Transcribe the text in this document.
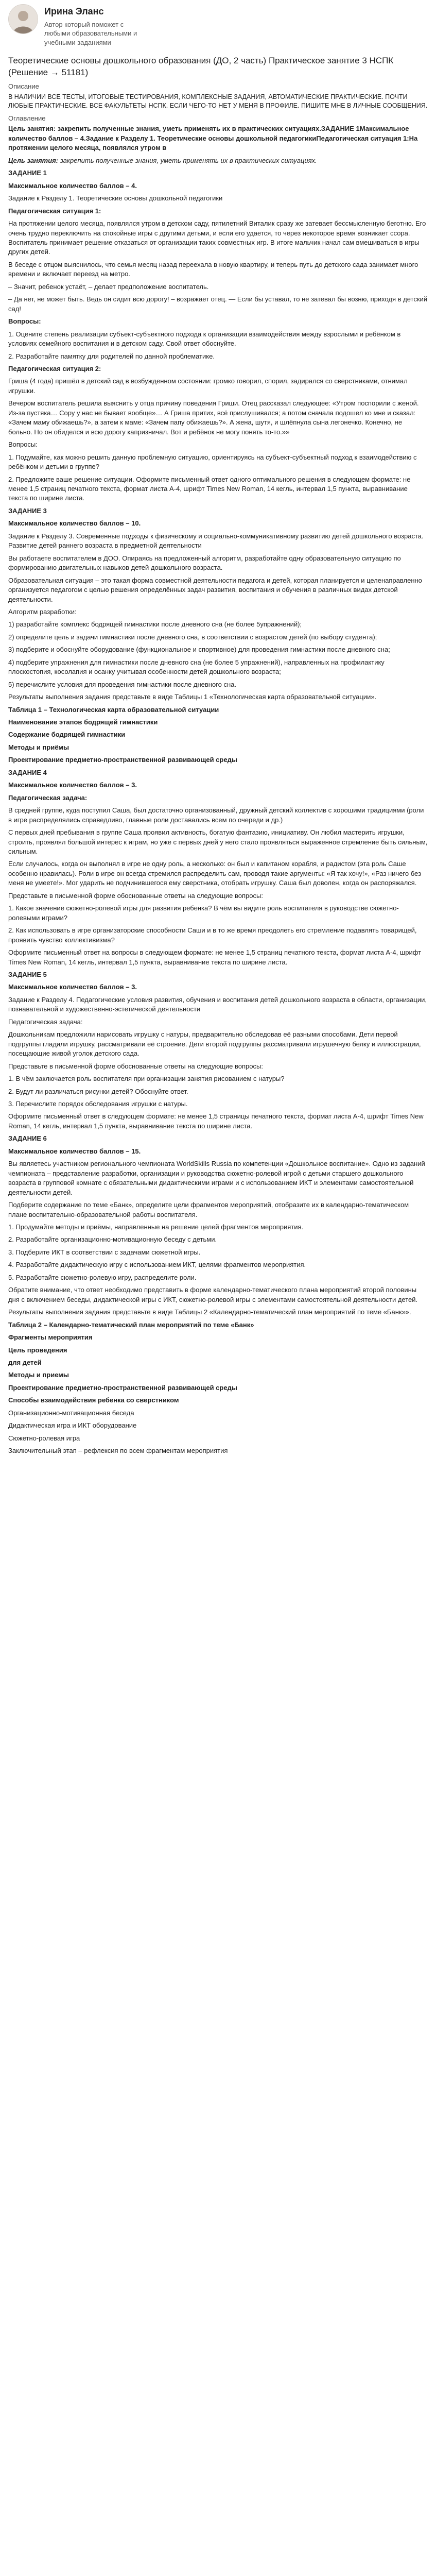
Ирина Эланс
Автор который поможет с любыми образовательными и учебными заданиями
Теоретические основы дошкольного образования (ДО, 2 часть) Практическое занятие 3 НСПК (Решение → 51181)
Описание

В НАЛИЧИИ ВСЕ ТЕСТЫ, ИТОГОВЫЕ ТЕСТИРОВАНИЯ, КОМПЛЕКСНЫЕ ЗАДАНИЯ, АВТОМАТИЧЕСКИЕ ПРАКТИЧЕСКИЕ. ПОЧТИ ЛЮБЫЕ ПРАКТИЧЕСКИЕ. ВСЕ ФАКУЛЬТЕТЫ НСПК. ЕСЛИ ЧЕГО-ТО НЕТ У МЕНЯ В ПРОФИЛЕ. ПИШИТЕ МНЕ В ЛИЧНЫЕ СООБЩЕНИЯ.

Оглавление

Цель занятия: закрепить полученные знания, уметь применять их в практических ситуациях.ЗАДАНИЕ 1Максимальное количество баллов – 4.Задание к Разделу 1. Теоретические основы дошкольной педагогикиПедагогическая ситуация 1:На протяжении целого месяца, появлялся утром в

Цель занятия: закрепить полученные знания, уметь применять их в практических ситуациях.

ЗАДАНИЕ 1

Максимальное количество баллов – 4.

Задание к Разделу 1. Теоретические основы дошкольной педагогики

Педагогическая ситуация 1:

На протяжении целого месяца, появлялся утром в детском саду, пятилетний Виталик сразу же затевает бессмысленную беготню. Его очень трудно переключить на спокойные игры с другими детьми, и если его удается, то через некоторое время возникает ссора. Воспитатель принимает решение отказаться от организации таких совместных игр. В итоге мальчик начал сам вмешиваться в игры других детей.

В беседе с отцом выяснилось, что семья месяц назад переехала в новую квартиру, и теперь путь до детского сада занимает много времени и включает переезд на метро.

– Значит, ребенок устаёт, – делает предположение воспитатель.

– Да нет, не может быть. Ведь он сидит всю дорогу! – возражает отец. — Если бы уставал, то не затевал бы возню, приходя в детский сад!

Вопросы:

1. Оцените степень реализации субъект-субъектного подхода к организации взаимодействия между взрослыми и ребёнком в условиях семейного воспитания и в детском саду. Свой ответ обоснуйте.

2. Разработайте памятку для родителей по данной проблематике.

Педагогическая ситуация 2:

Гриша (4 года) пришёл в детский сад в возбужденном состоянии: громко говорил, спорил, задирался со сверстниками, отнимал игрушки.

Вечером воспитатель решила выяснить у отца причину поведения Гриши. Отец рассказал следующее: «Утром поспорили с женой. Из-за пустяка… Сору у нас не бывает вообще»… А Гриша притих, всё прислушивался; а потом сначала подошел ко мне и сказал: «Зачем маму обижаешь?», а затем к маме: «Зачем папу обижаешь?». А жена, шутя, и шлёпнула сына легонечко. Конечно, не больно. Но он обиделся и всю дорогу капризничал. Вот и ребёнок не могу понять то-то.»»

Вопросы:

1. Подумайте, как можно решить данную проблемную ситуацию, ориентируясь на субъект-субъектный подход к взаимодействию с ребёнком и детьми в группе?

2. Предложите ваше решение ситуации. Оформите письменный ответ одного оптимального решения в следующем формате: не менее 1,5 страниц печатного текста, формат листа А-4, шрифт Times New Roman, 14 кегль, интервал 1,5 пункта, выравнивание текста по ширине листа.

ЗАДАНИЕ 3

Максимальное количество баллов – 10.

Задание к Разделу 3. Современные подходы к физическому и социально-коммуникативному развитию детей дошкольного возраста. Развитие детей раннего возраста в предметной деятельности

Вы работаете воспитателем в ДОО. Опираясь на предложенный алгоритм, разработайте одну образовательную ситуацию по формированию двигательных навыков детей дошкольного возраста.

Образовательная ситуация – это такая форма совместной деятельности педагога и детей, которая планируется и целенаправленно организуется педагогом с целью решения определённых задач развития, воспитания и обучения в различных видах детской деятельности.

Алгоритм разработки:

1) разработайте комплекс бодрящей гимнастики после дневного сна (не более 5упражнений);

2) определите цель и задачи гимнастики после дневного сна, в соответствии с возрастом детей (по выбору студента);

3) подберите и обоснуйте оборудование (функциональное и спортивное) для проведения гимнастики после дневного сна;

4) подберите упражнения для гимнастики после дневного сна (не более 5 упражнений), направленных на профилактику плоскостопия, косолапия и осанку учитывая особенности детей дошкольного возраста;

5) перечислите условия для проведения гимнастики после дневного сна.

Результаты выполнения задания представьте в виде Таблицы 1 «Технологическая карта образовательной ситуации».

Таблица 1 – Технологическая карта образовательной ситуации

Наименование этапов бодрящей гимнастики

Содержание бодрящей гимнастики

Методы и приёмы

Проектирование предметно-пространственной развивающей среды

ЗАДАНИЕ 4

Максимальное количество баллов – 3.

Педагогическая задача:

В средней группе, куда поступил Саша, был достаточно организованный, дружный детский коллектив с хорошими традициями (роли в игре распределялись справедливо, главные роли доставались всем по очереди и др.)

С первых дней пребывания в группе Саша проявил активность, богатую фантазию, инициативу. Он любил мастерить игрушки, строить, проявлял большой интерес к играм, но уже с первых дней у него стало проявляться выраженное стремление быть сильным, сильным.

Если случалось, когда он выполнял в игре не одну роль, а несколько: он был и капитаном корабля, и радистом (эта роль Саше особенно нравилась). Роли в игре он всегда стремился распределить сам, проводя такие аргументы: «Я так хочу!», «Раз ничего без меня не умеете!». Мог ударить не подчинившегося ему сверстника, отобрать игрушку. Саша был доволен, когда он распоряжался.

Представьте в письменной форме обоснованные ответы на следующие вопросы:

1. Какое значение сюжетно-ролевой игры для развития ребенка? В чём вы видите роль воспитателя в руководстве сюжетно-ролевыми играми?

2. Как использовать в игре организаторские способности Саши и в то же время преодолеть его стремление подавлять товарищей, проявить чувство коллективизма?

Оформите письменный ответ на вопросы в следующем формате: не менее 1,5 страниц печатного текста, формат листа А-4, шрифт Times New Roman, 14 кегль, интервал 1,5 пункта, выравнивание текста по ширине листа.

ЗАДАНИЕ 5

Максимальное количество баллов – 3.

Задание к Разделу 4. Педагогические условия развития, обучения и воспитания детей дошкольного возраста в области, организации, познавательной и художественно-эстетической деятельности

Педагогическая задача:

Дошкольникам предложили нарисовать игрушку с натуры, предварительно обследовав её разными способами. Дети первой подгруппы гладили игрушку, рассматривали её строение. Дети второй подгруппы рассматривали игрушечную белку и иллюстрации, посещающие живой уголок детского сада.

Представьте в письменной форме обоснованные ответы на следующие вопросы:

1. В чём заключается роль воспитателя при организации занятия рисованием с натуры?

2. Будут ли различаться рисунки детей? Обоснуйте ответ.

3. Перечислите порядок обследования игрушки с натуры.

Оформите письменный ответ в следующем формате: не менее 1,5 страницы печатного текста, формат листа А-4, шрифт Times New Roman, 14 кегль, интервал 1,5 пункта, выравнивание текста по ширине листа.

ЗАДАНИЕ 6

Максимальное количество баллов – 15.

Вы являетесь участником регионального чемпионата WorldSkills Russia по компетенции «Дошкольное воспитание». Одно из заданий чемпионата – представление разработки, организации и руководства сюжетно-ролевой игрой с детьми старшего дошкольного возраста в групповой комнате с обязательными дидактическими играми и с использованием ИКТ и элементами самостоятельной деятельности детей.

Подберите содержание по теме «Банк», определите цели фрагментов мероприятий, отобразите их в календарно-тематическом плане воспитательно-образовательной работы воспитателя.

1. Продумайте методы и приёмы, направленные на решение целей фрагментов мероприятия.

2. Разработайте организационно-мотивационную беседу с детьми.

3. Подберите ИКТ в соответствии с задачами сюжетной игры.

4. Разработайте дидактическую игру с использованием ИКТ, целями фрагментов мероприятия.

5. Разработайте сюжетно-ролевую игру, распределите роли.

Обратите внимание, что ответ необходимо представить в форме календарно-тематического плана мероприятий второй половины дня с включением беседы, дидактической игры с ИКТ, сюжетно-ролевой игры с элементами самостоятельной деятельности детей.

Результаты выполнения задания представьте в виде Таблицы 2 «Календарно-тематический план мероприятий по теме «Банк»».

Таблица 2 – Календарно-тематический план мероприятий по теме «Банк»

Фрагменты мероприятия

Цель проведения

для детей

Методы и приемы

Проектирование предметно-пространственной развивающей среды

Способы взаимодействия ребенка со сверстником

Организационно-мотивационная беседа

Дидактическая игра и ИКТ оборудование

Сюжетно-ролевая игра

Заключительный этап – рефлексия по всем фрагментам мероприятия
